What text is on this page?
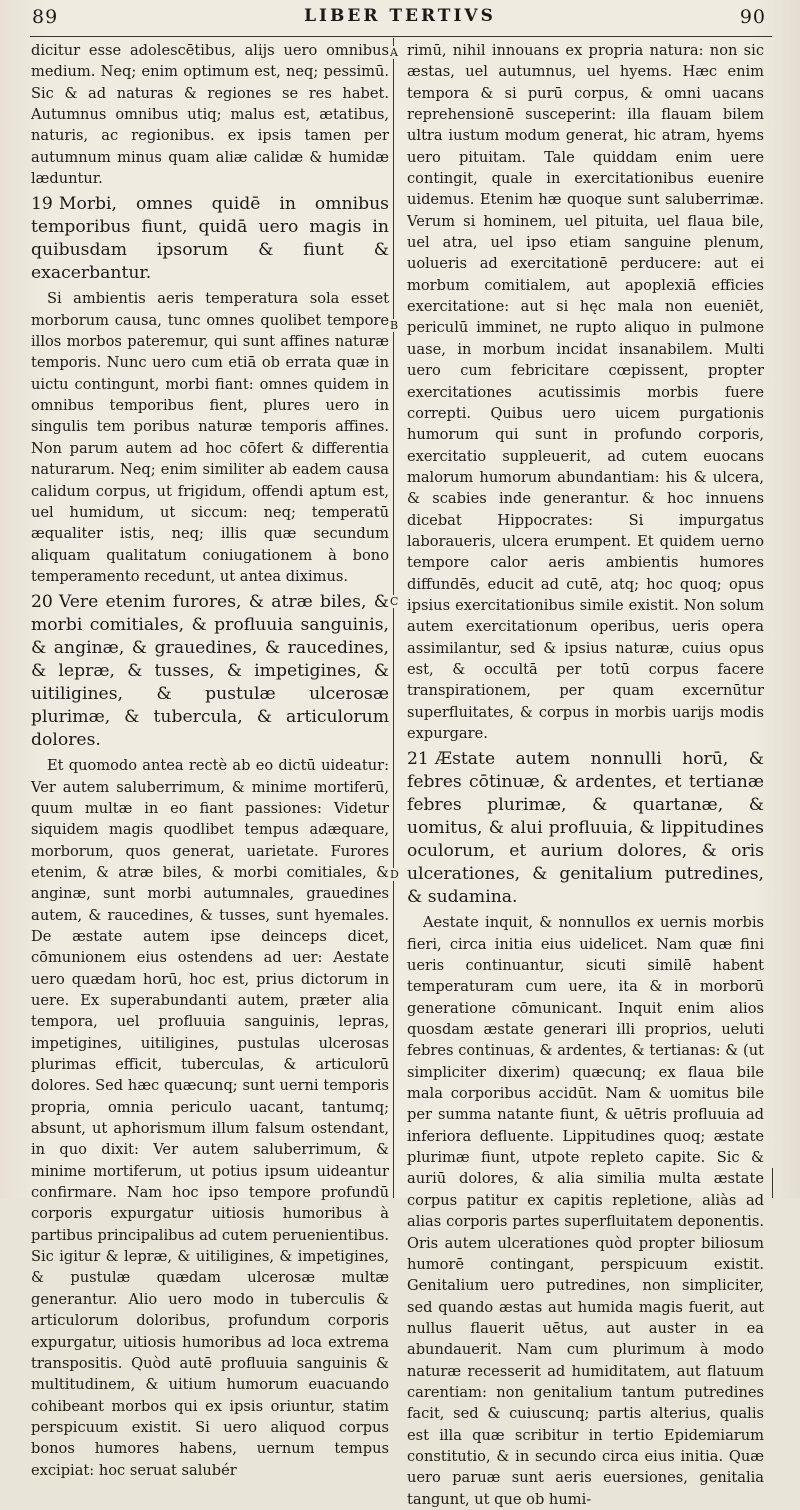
89	LIBER TERTIVS	90
A
B
C
D

dicitur esse adolescētibus, alijs uero omnibus medium. Neq; enim optimum est, neq; pessimū. Sic & ad naturas & regiones se res habet. Autumnus omnibus utiq; malus est, ætatibus, naturis, ac regionibus. ex ipsis tamen per autumnum minus quam aliæ calidæ & humidæ læduntur.

19 Morbi, omnes quidē in omnibus temporibus fiunt, quidā uero magis in quibusdam ipsorum & fiunt & exacerbantur.

Si ambientis aeris temperatura sola esset morborum causa, tunc omnes quolibet tempore illos morbos pateremur, qui sunt affines naturæ temporis. Nunc uero cum etiā ob errata quæ in uictu contingunt, morbi fiant: omnes quidem in omnibus temporibus fient, plures uero in singulis tem poribus naturæ temporis affines. Non parum autem ad hoc cōfert & differentia naturarum. Neq; enim similiter ab eadem causa calidum corpus, ut frigidum, offendi aptum est, uel humidum, ut siccum: neq; temperatū æqualiter istis, neq; illis quæ secundum aliquam qualitatum coniugationem à bono temperamento recedunt, ut antea diximus.

20 Vere etenim furores, & atræ biles, & morbi comitiales, & profluuia sanguinis, & anginæ, & grauedines, & raucedines, & lepræ, & tusses, & impetigines, & uitiligines, & pustulæ ulcerosæ plurimæ, & tubercula, & articulorum dolores.

Et quomodo antea rectè ab eo dictū uideatur: Ver autem saluberrimum, & minime mortiferū, quum multæ in eo fiant passiones: Videtur siquidem magis quodlibet tempus adæquare, morborum, quos generat, uarietate. Furores etenim, & atræ biles, & morbi comitiales, & anginæ, sunt morbi autumnales, grauedines autem, & raucedines, & tusses, sunt hyemales. De æstate autem ipse deinceps dicet, cōmunionem eius ostendens ad uer: Aestate uero quædam horū, hoc est, prius dictorum in uere. Ex superabundanti autem, præter alia tempora, uel profluuia sanguinis, lepras, impetigines, uitiligines, pustulas ulcerosas plurimas efficit, tuberculas, & articulorū dolores. Sed hæc quæcunq; sunt uerni temporis propria, omnia periculo uacant, tantumq; absunt, ut aphorismum illum falsum ostendant, in quo dixit: Ver autem saluberrimum, & minime mortiferum, ut potius ipsum uideantur confirmare. Nam hoc ipso tempore profundū corporis expurgatur uitiosis humoribus à partibus principalibus ad cutem peruenientibus. Sic igitur & lepræ, & uitiligines, & impetigines, & pustulæ quædam ulcerosæ multæ generantur. Alio uero modo in tuberculis & articulorum doloribus, profundum corporis expurgatur, uitiosis humoribus ad loca extrema transpositis. Quòd autē profluuia sanguinis & multitudinem, & uitium humorum euacuando cohibeant morbos qui ex ipsis oriuntur, statim perspicuum existit. Si uero aliquod corpus bonos humores habens, uernum tempus excipiat: hoc seruat salubér

rimū, nihil innouans ex propria natura: non sic æstas, uel autumnus, uel hyems. Hæc enim tempora & si purū corpus, & omni uacans reprehensionē susceperint: illa flauam bilem ultra iustum modum generat, hic atram, hyems uero pituitam. Tale quiddam enim uere contingit, quale in exercitationibus euenire uidemus. Etenim hæ quoque sunt saluberrimæ. Verum si hominem, uel pituita, uel flaua bile, uel atra, uel ipso etiam sanguine plenum, uolueris ad exercitationē perducere: aut ei morbum comitialem, aut apoplexiā efficies exercitatione: aut si hęc mala non eueniēt, periculū imminet, ne rupto aliquo in pulmone uase, in morbum incidat insanabilem. Multi uero cum febricitare cœpissent, propter exercitationes acutissimis morbis fuere correpti. Quibus uero uicem purgationis humorum qui sunt in profundo corporis, exercitatio suppleuerit, ad cutem euocans malorum humorum abundantiam: his & ulcera, & scabies inde generantur. & hoc innuens dicebat Hippocrates: Si impurgatus laboraueris, ulcera erumpent. Et quidem uerno tempore calor aeris ambientis humores diffundēs, educit ad cutē, atq; hoc quoq; opus ipsius exercitationibus simile existit. Non solum autem exercitationum operibus, ueris opera assimilantur, sed & ipsius naturæ, cuius opus est, & occultā per totū corpus facere transpirationem, per quam excernūtur superfluitates, & corpus in morbis uarijs modis expurgare.

21 Æstate autem nonnulli horū, & febres cōtinuæ, & ardentes, et tertianæ febres plurimæ, & quartanæ, & uomitus, & alui profluuia, & lippitudines oculorum, et aurium dolores, & oris ulcerationes, & genitalium putredines, & sudamina.

Aestate inquit, & nonnullos ex uernis morbis fieri, circa initia eius uidelicet. Nam quæ fini ueris continuantur, sicuti similē habent temperaturam cum uere, ita & in morborū generatione cōmunicant. Inquit enim alios quosdam æstate generari illi proprios, ueluti febres continuas, & ardentes, & tertianas: & (ut simpliciter dixerim) quæcunq; ex flaua bile mala corporibus accidūt. Nam & uomitus bile per summa natante fiunt, & uētris profluuia ad inferiora defluente. Lippitudines quoq; æstate plurimæ fiunt, utpote repleto capite. Sic & auriū dolores, & alia similia multa æstate corpus patitur ex capitis repletione, aliàs ad alias corporis partes superfluitatem deponentis. Oris autem ulcerationes quòd propter biliosum humorē contingant, perspicuum existit. Genitalium uero putredines, non simpliciter, sed quando æstas aut humida magis fuerit, aut nullus flauerit uētus, aut auster in ea abundauerit. Nam cum plurimum à modo naturæ recesserit ad humiditatem, aut flatuum carentiam: non genitalium tantum putredines facit, sed & cuiuscunq; partis alterius, qualis est illa quæ scribitur in tertio Epidemiarum constitutio, & in secundo circa eius initia. Quæ uero paruæ sunt aeris euersiones, genitalia tangunt, ut que ob humi-
